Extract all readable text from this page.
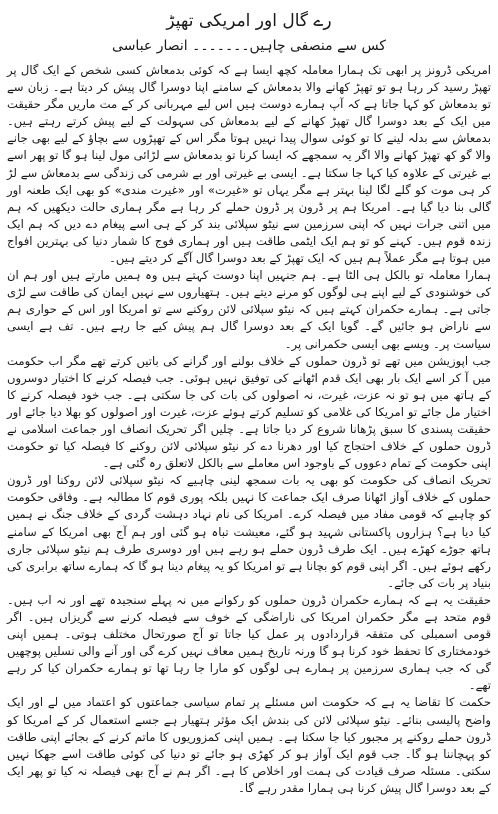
رے گال اور امریکی تھپڑ
کس سے منصفی چاہیں۔۔۔۔۔۔۔ انصار عباسی

امریکی ڈرونز پر ابھی تک ہمارا معاملہ کچھ ایسا ہے کہ کوئی بدمعاش کسی شخص کے ایک گال پر تھپڑ رسید کر رہا ہو تو تھپڑ کھانے والا بدمعاش کے سامنے اپنا دوسرا گال پیش کر دیتا ہے۔ زبان سے تو بدمعاش کو کہا جاتا ہے کہ آپ ہمارے دوست ہیں اس لیے مہربانی کر کے مت ماریں مگر حقیقت میں ایک کے بعد دوسرا گال تھپڑ کھانے کے لیے بدمعاش کی سہولت کے لیے پیش کرتے رہتے ہیں۔ بدمعاش سے بدلہ لینے کا تو کوئی سوال پیدا نہیں ہوتا مگر اس کے تھپڑوں سے بچاؤ کے لیے بھی جانے والا گو کھ تھپڑ کھانے والا اگر یہ سمجھے کہ ایسا کرنا تو بدمعاش سے لڑائی مول لینا ہو گا تو پھر اسے بے غیرتی کے علاوہ کیا کہا جا سکتا ہے۔ ایسی بے غیرتی اور بے شرمی کی زندگی سے بدمعاش سے لڑ کر ہی موت کو گلے لگا لینا بہتر ہے مگر یہاں تو «غیرت» اور «غیرت مندی» کو بھی ایک طعنہ اور گالی بنا دیا گیا ہے۔ امریکا ہم پر ڈرون پر ڈرون حملے کر رہا ہے مگر ہماری حالت دیکھیں کہ ہم میں اتنی جرات نہیں کہ اپنی سرزمین سے نیٹو سپلائی بند کر کے ہی اسے پیغام دے دیں کہ ہم ایک زندہ قوم ہیں۔ کہنے کو تو ہم ایک ایٹمی طاقت ہیں اور ہماری فوج کا شمار دنیا کی بہترین افواج میں ہوتا ہے مگر عملاً ہم ہیں کہ ایک تھپڑ کے بعد دوسرا گال آگے کر دیتے ہیں۔

ہمارا معاملہ تو بالکل ہی الٹا ہے۔ ہم جنہیں اپنا دوست کہتے ہیں وہ ہمیں مارتے ہیں اور ہم ان کی خوشنودی کے لیے اپنے ہی لوگوں کو مرنے دیتے ہیں۔ ہتھیاروں سے نہیں ایمان کی طاقت سے لڑی جاتی ہے۔ ہمارے حکمران کہتے ہیں کہ نیٹو سپلائی لائن روکنے سے تو امریکا اور اس کے حواری ہم سے ناراض ہو جائیں گے۔ گویا ایک کے بعد دوسرا گال ہم پیش کیے جا رہے ہیں۔ تف ہے ایسی سیاست پر۔ ویسے بھی ایسی حکمرانی پر۔

جب اپوزیشن میں تھے تو ڈرون حملوں کے خلاف بولنے اور گرانے کی باتیں کرتے تھے مگر اب حکومت میں آ کر اسے ایک بار بھی ایک قدم اٹھانے کی توفیق نہیں ہوئی۔ جب فیصلہ کرنے کا اختیار دوسروں کے ہاتھ میں ہو تو نہ عزت، غیرت، نہ اصولوں کی بات کی جا سکتی ہے۔ جب خود فیصلہ کرنے کا اختیار مل جائے تو امریکا کی غلامی کو تسلیم کرتے ہوئے عزت، غیرت اور اصولوں کو بھلا دیا جائے اور حقیقت پسندی کا سبق پڑھانا شروع کر دیا جاتا ہے۔ چلیں اگر تحریک انصاف اور جماعت اسلامی نے ڈرون حملوں کے خلاف احتجاج کیا اور دھرنا دے کر نیٹو سپلائی لائن روکنے کا فیصلہ کیا تو حکومت اپنی حکومت کے تمام دعووں کے باوجود اس معاملے سے بالکل لاتعلق رہ گئی ہے۔

تحریک انصاف کی حکومت کو بھی یہ بات سمجھ لینی چاہیے کہ نیٹو سپلائی لائن روکنا اور ڈرون حملوں کے خلاف آواز اٹھانا صرف ایک جماعت کا نہیں بلکہ پوری قوم کا مطالبہ ہے۔ وفاقی حکومت کو چاہیے کہ قومی مفاد میں فیصلہ کرے۔ امریکا کی نام نہاد دہشت گردی کے خلاف جنگ نے ہمیں کیا دیا ہے؟ ہزاروں پاکستانی شہید ہو گئے، معیشت تباہ ہو گئی اور ہم آج بھی امریکا کے سامنے ہاتھ جوڑے کھڑے ہیں۔ ایک طرف ڈرون حملے ہو رہے ہیں اور دوسری طرف ہم نیٹو سپلائی جاری رکھے ہوئے ہیں۔ اگر اپنی قوم کو بچانا ہے تو امریکا کو یہ پیغام دینا ہو گا کہ ہمارے ساتھ برابری کی بنیاد پر بات کی جائے۔

حقیقت یہ ہے کہ ہمارے حکمران ڈرون حملوں کو رکوانے میں نہ پہلے سنجیدہ تھے اور نہ اب ہیں۔ قوم متحد ہے مگر حکمران امریکا کی ناراضگی کے خوف سے فیصلہ کرنے سے گریزاں ہیں۔ اگر قومی اسمبلی کی متفقہ قراردادوں پر عمل کیا جاتا تو آج صورتحال مختلف ہوتی۔ ہمیں اپنی خودمختاری کا تحفظ خود کرنا ہو گا ورنہ تاریخ ہمیں معاف نہیں کرے گی اور آنے والی نسلیں پوچھیں گی کہ جب ہماری سرزمین پر ہمارے ہی لوگوں کو مارا جا رہا تھا تو ہمارے حکمران کیا کر رہے تھے۔

حکمت کا تقاضا یہ ہے کہ حکومت اس مسئلے پر تمام سیاسی جماعتوں کو اعتماد میں لے اور ایک واضح پالیسی بنائے۔ نیٹو سپلائی لائن کی بندش ایک مؤثر ہتھیار ہے جسے استعمال کر کے امریکا کو ڈرون حملے روکنے پر مجبور کیا جا سکتا ہے۔ ہمیں اپنی کمزوریوں کا ماتم کرنے کے بجائے اپنی طاقت کو پہچاننا ہو گا۔ جب قوم ایک آواز ہو کر کھڑی ہو جائے تو دنیا کی کوئی طاقت اسے جھکا نہیں سکتی۔ مسئلہ صرف قیادت کی ہمت اور اخلاص کا ہے۔ اگر ہم نے آج بھی فیصلہ نہ کیا تو پھر ایک کے بعد دوسرا گال پیش کرنا ہی ہمارا مقدر رہے گا۔
